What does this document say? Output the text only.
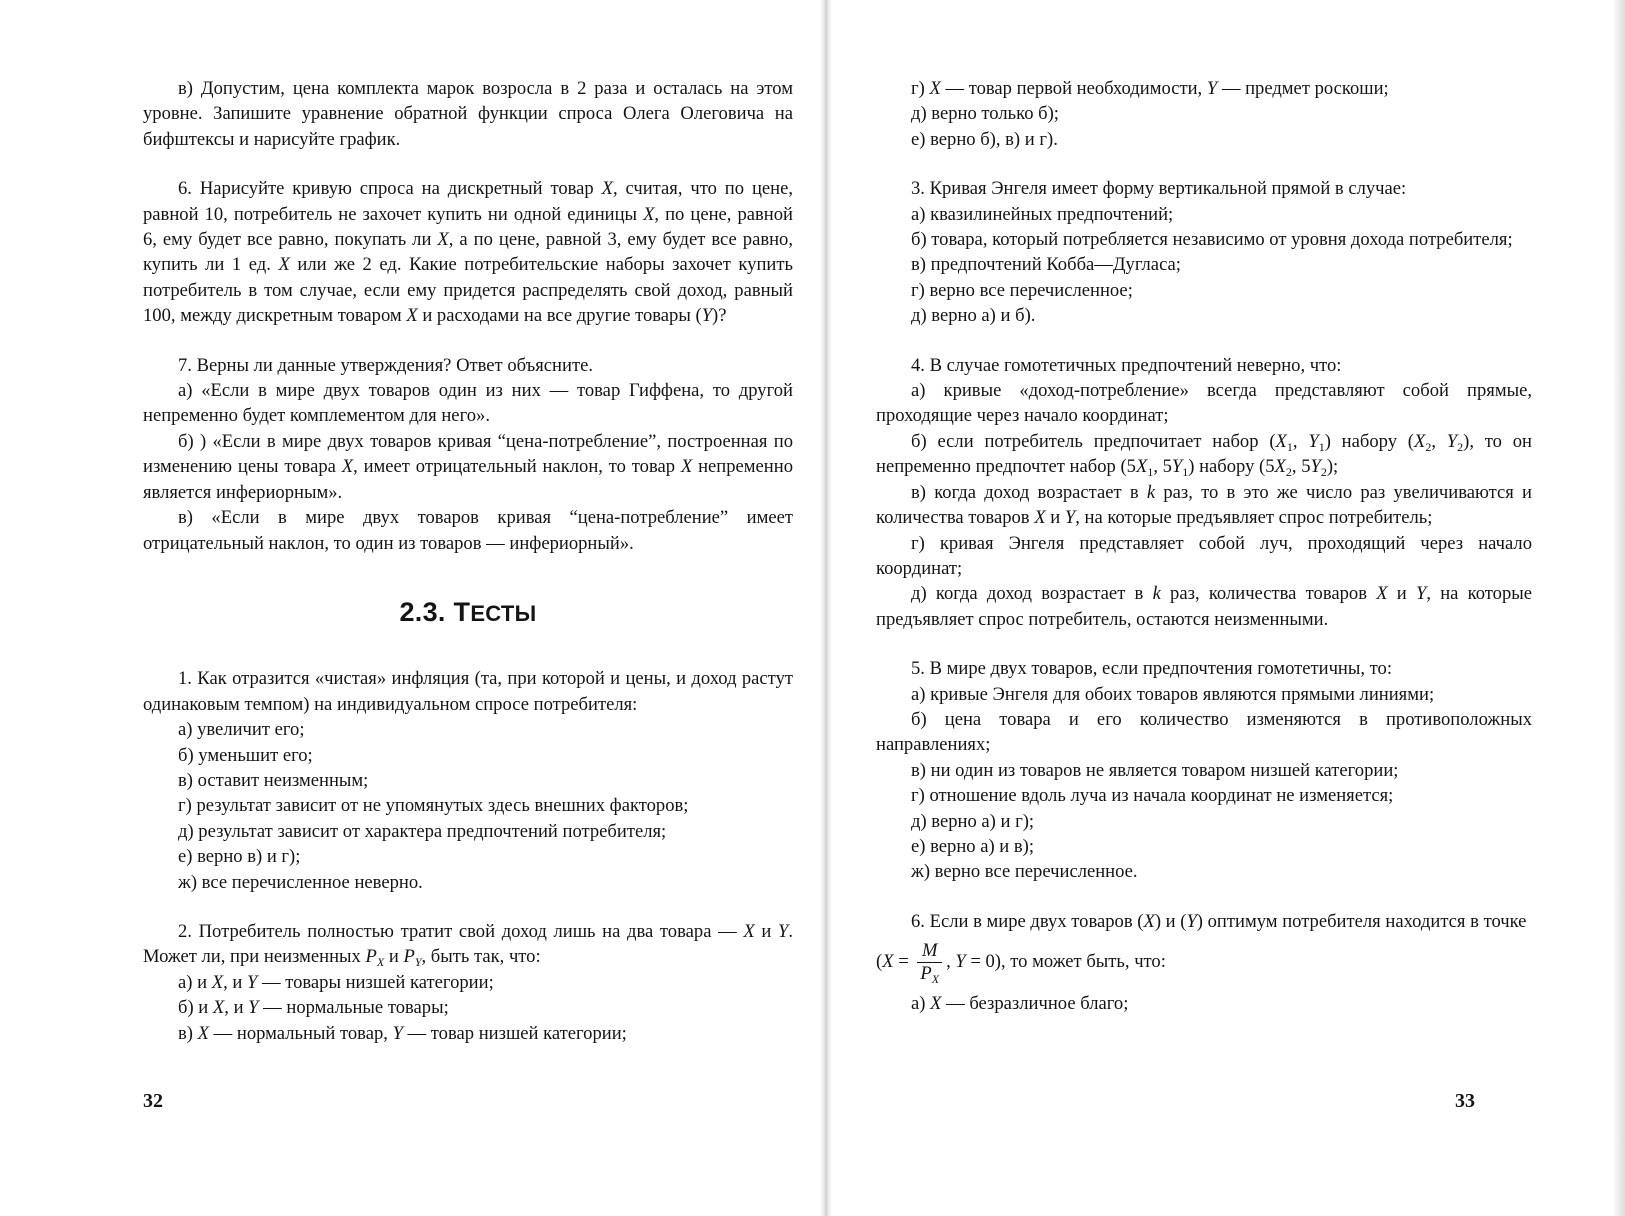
в) Допустим, цена комплекта марок возросла в 2 раза и осталась на этом уровне. Запишите уравнение обратной функции спроса Олега Олеговича на бифштексы и нарисуйте график.

6. Нарисуйте кривую спроса на дискретный товар X, считая, что по цене, равной 10, потребитель не захочет купить ни одной единицы X, по цене, равной 6, ему будет все равно, покупать ли X, а по цене, равной 3, ему будет все равно, купить ли 1 ед. X или же 2 ед. Какие потребительские наборы захочет купить потребитель в том случае, если ему придется распределять свой доход, равный 100, между дискретным товаром X и расходами на все другие товары (Y)?

7. Верны ли данные утверждения? Ответ объясните.

а) «Если в мире двух товаров один из них — товар Гиффена, то другой непременно будет комплементом для него».

б) ) «Если в мире двух товаров кривая “цена-потребление”, построенная по изменению цены товара X, имеет отрицательный наклон, то товар X непременно является инфериорным».

в) «Если в мире двух товаров кривая “цена-потребление” имеет отрицательный наклон, то один из товаров — инфериорный».

2.3. ТЕСТЫ

1. Как отразится «чистая» инфляция (та, при которой и цены, и доход растут одинаковым темпом) на индивидуальном спросе потребителя:

а) увеличит его;

б) уменьшит его;

в) оставит неизменным;

г) результат зависит от не упомянутых здесь внешних факторов;

д) результат зависит от характера предпочтений потребителя;

е) верно в) и г);

ж) все перечисленное неверно.

2. Потребитель полностью тратит свой доход лишь на два товара — X и Y. Может ли, при неизменных $P_X$ и $P_Y$, быть так, что:

а) и X, и Y — товары низшей категории;

б) и X, и Y — нормальные товары;

в) X — нормальный товар, Y — товар низшей категории;

32

г) X — товар первой необходимости, Y — предмет роскоши;

д) верно только б);

е) верно б), в) и г).

3. Кривая Энгеля имеет форму вертикальной прямой в случае:

а) квазилинейных предпочтений;

б) товара, который потребляется независимо от уровня дохода потребителя;

в) предпочтений Кобба—Дугласа;

г) верно все перечисленное;

д) верно а) и б).

4. В случае гомотетичных предпочтений неверно, что:

а) кривые «доход-потребление» всегда представляют собой прямые, проходящие через начало координат;

б) если потребитель предпочитает набор ($X_1$, $Y_1$) набору ($X_2$, $Y_2$), то он непременно предпочтет набор ($5X_1$, $5Y_1$) набору ($5X_2$, $5Y_2$);

в) когда доход возрастает в k раз, то в это же число раз увеличиваются и количества товаров X и Y, на которые предъявляет спрос потребитель;

г) кривая Энгеля представляет собой луч, проходящий через начало координат;

д) когда доход возрастает в k раз, количества товаров X и Y, на которые предъявляет спрос потребитель, остаются неизменными.

5. В мире двух товаров, если предпочтения гомотетичны, то:

а) кривые Энгеля для обоих товаров являются прямыми линиями;

б) цена товара и его количество изменяются в противоположных направлениях;

в) ни один из товаров не является товаром низшей категории;

г) отношение вдоль луча из начала координат не изменяется;

д) верно а) и г);

е) верно а) и в);

ж) верно все перечисленное.

6. Если в мире двух товаров (X) и (Y) оптимум потребителя находится в точке

($X = \frac{M}{P_X}$ , Y = 0), то может быть, что:

а) X — безразличное благо;

33
